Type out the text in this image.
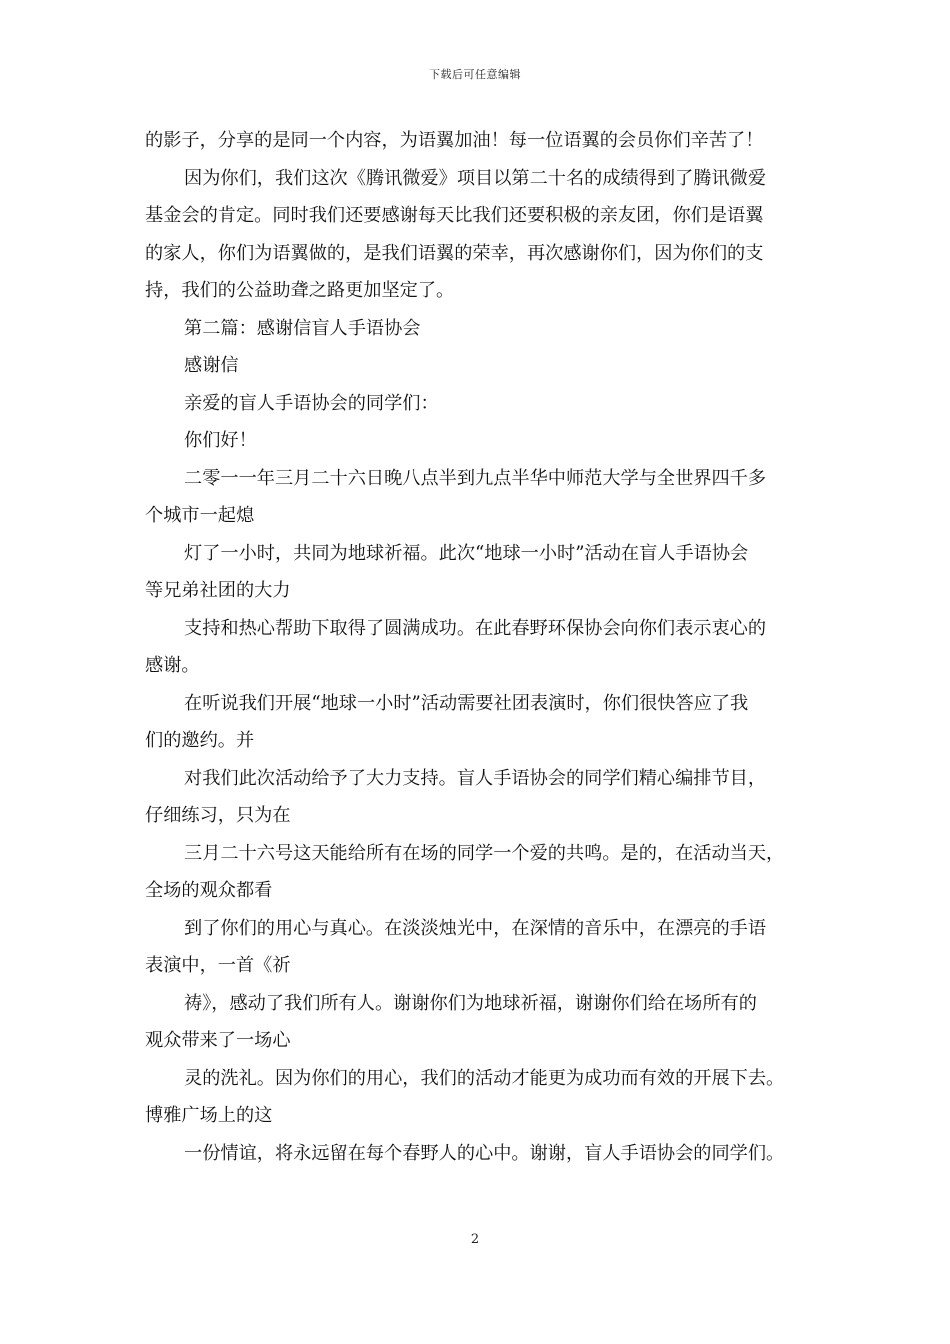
下载后可任意编辑
的影子，分享的是同一个内容，为语翼加油！每一位语翼的会员你们辛苦了！
因为你们，我们这次《腾讯微爱》项目以第二十名的成绩得到了腾讯微爱
基金会的肯定。同时我们还要感谢每天比我们还要积极的亲友团，你们是语翼
的家人，你们为语翼做的，是我们语翼的荣幸，再次感谢你们，因为你们的支
持，我们的公益助聋之路更加坚定了。
第二篇：感谢信盲人手语协会
感谢信
亲爱的盲人手语协会的同学们：
你们好！
二零一一年三月二十六日晚八点半到九点半华中师范大学与全世界四千多
个城市一起熄
灯了一小时，共同为地球祈福。此次“地球一小时”活动在盲人手语协会
等兄弟社团的大力
支持和热心帮助下取得了圆满成功。在此春野环保协会向你们表示衷心的
感谢。
在听说我们开展“地球一小时”活动需要社团表演时，你们很快答应了我
们的邀约。并
对我们此次活动给予了大力支持。盲人手语协会的同学们精心编排节目，
仔细练习，只为在
三月二十六号这天能给所有在场的同学一个爱的共鸣。是的，在活动当天，
全场的观众都看
到了你们的用心与真心。在淡淡烛光中，在深情的音乐中，在漂亮的手语
表演中，一首《祈
祷》，感动了我们所有人。谢谢你们为地球祈福，谢谢你们给在场所有的
观众带来了一场心
灵的洗礼。因为你们的用心，我们的活动才能更为成功而有效的开展下去。
博雅广场上的这
一份情谊，将永远留在每个春野人的心中。谢谢，盲人手语协会的同学们。
2
